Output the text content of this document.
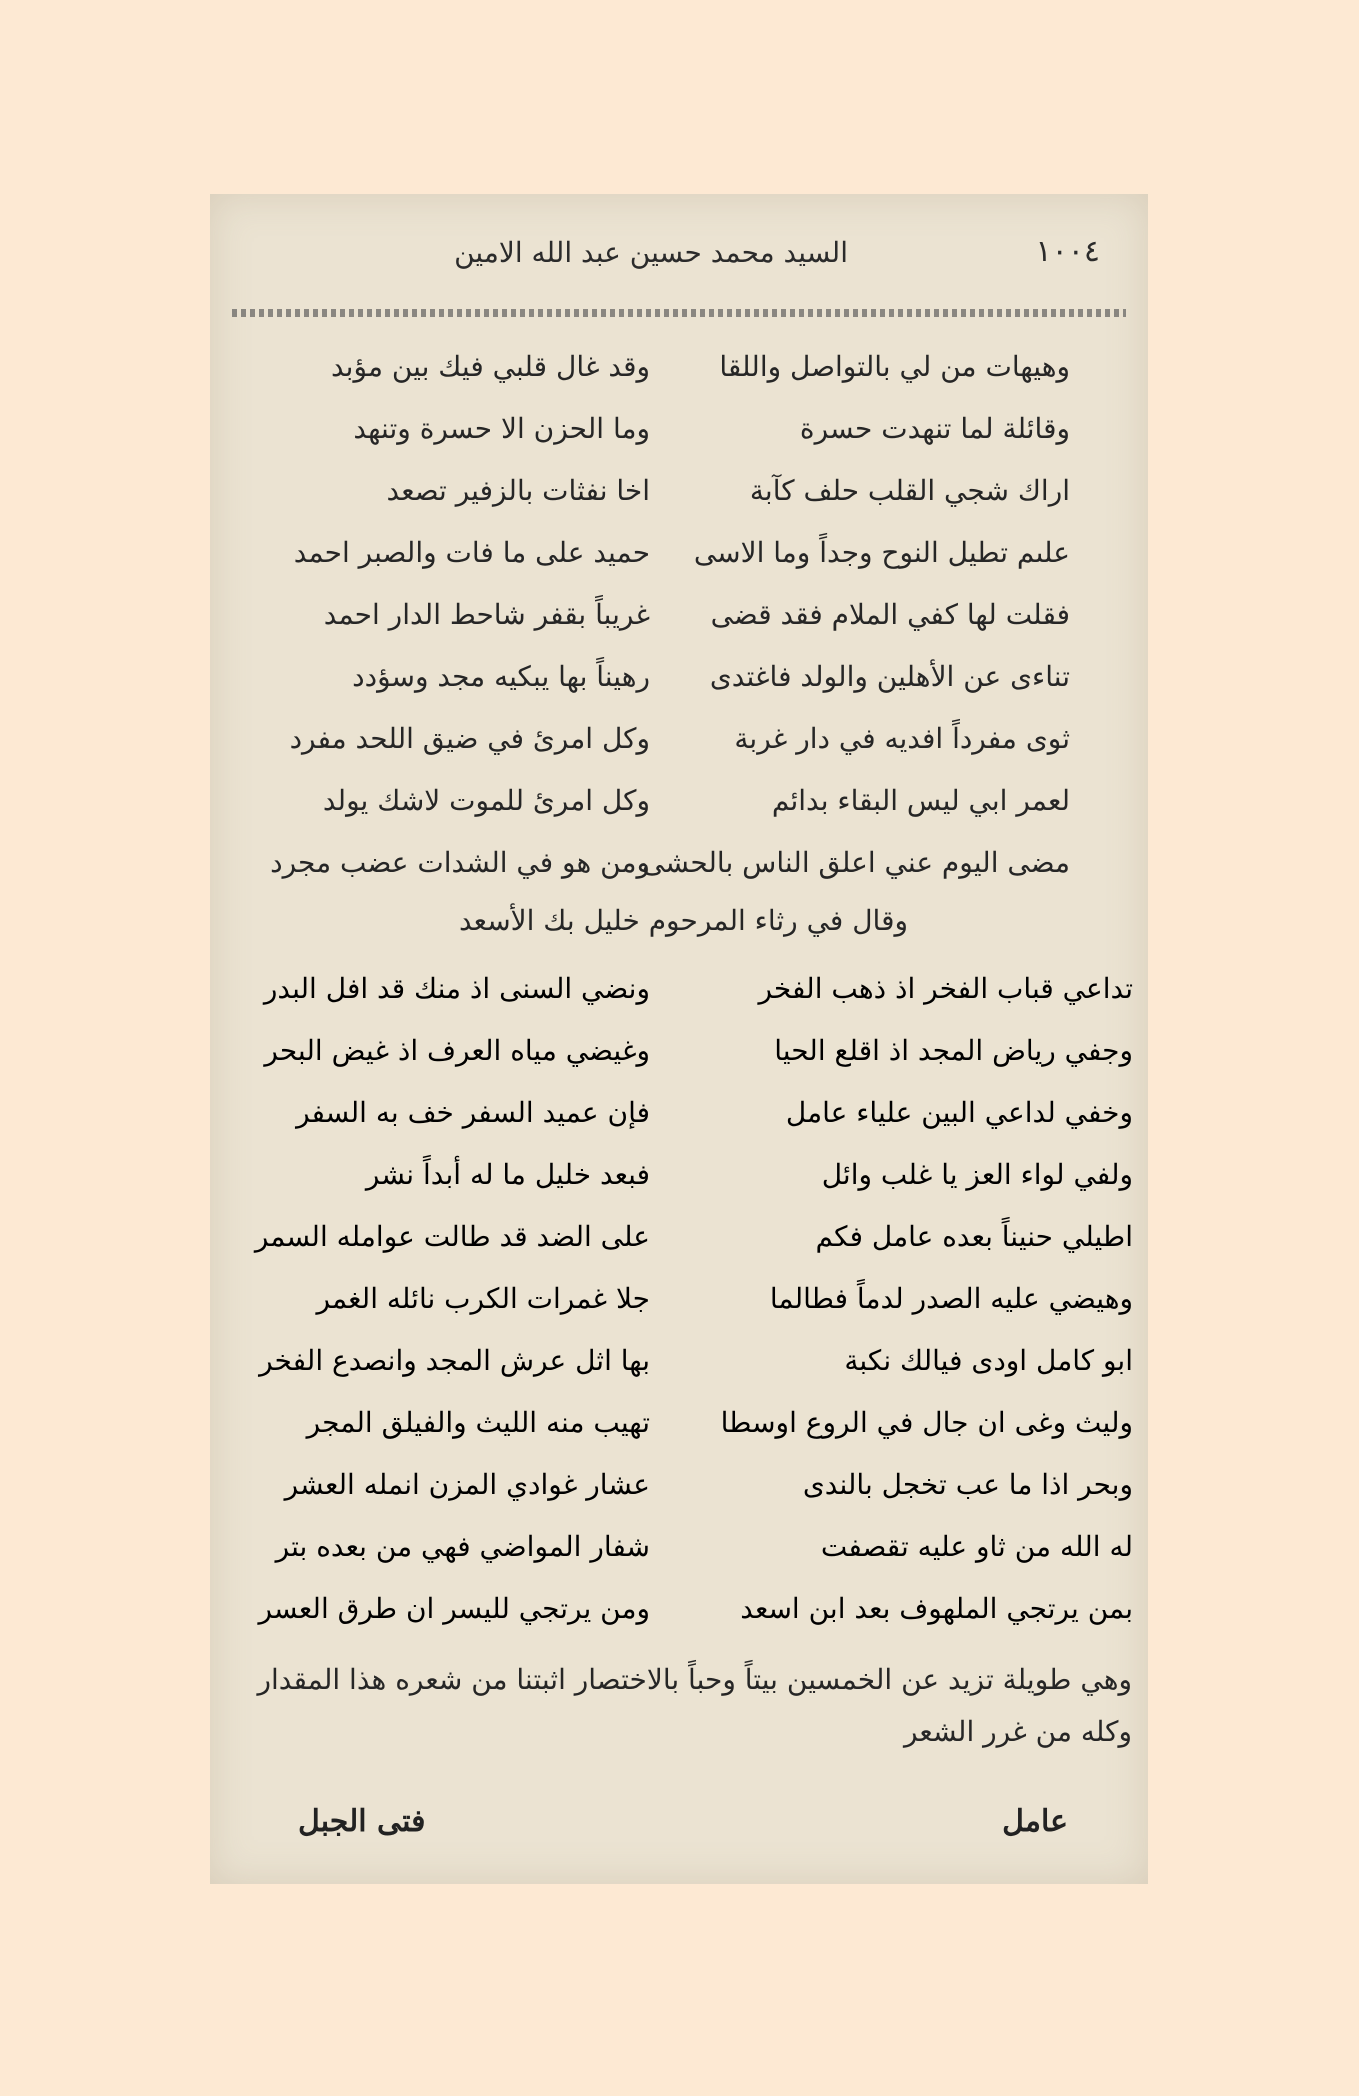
١٠٠٤
السيد محمد حسين عبد الله الامين
وهيهات من لي بالتواصل واللقا
وقد غال قلبي فيك بين مؤبد
وقائلة لما تنهدت حسرة
وما الحزن الا حسرة وتنهد
اراك شجي القلب حلف كآبة
اخا نفثات بالزفير تصعد
علىم تطيل النوح وجداً وما الاسى
حميد على ما فات والصبر احمد
فقلت لها كفي الملام فقد قضى
غريباً بقفر شاحط الدار احمد
تناءى عن الأهلين والولد فاغتدى
رهيناً بها يبكيه مجد وسؤدد
ثوى مفرداً افديه في دار غربة
وكل امرئ في ضيق اللحد مفرد
لعمر ابي ليس البقاء بدائم
وكل امرئ للموت لاشك يولد
مضى اليوم عني اعلق الناس بالحشى
ومن هو في الشدات عضب مجرد
وقال في رثاء المرحوم خليل بك الأسعد
تداعي قباب الفخر اذ ذهب الفخر
ونضي السنى اذ منك قد افل البدر
وجفي رياض المجد اذ اقلع الحيا
وغيضي مياه العرف اذ غيض البحر
وخفي لداعي البين علياء عامل
فإن عميد السفر خف به السفر
ولفي لواء العز يا غلب وائل
فبعد خليل ما له أبداً نشر
اطيلي حنيناً بعده عامل فكم
على الضد قد طالت عوامله السمر
وهيضي عليه الصدر لدماً فطالما
جلا غمرات الكرب نائله الغمر
ابو كامل اودى فيالك نكبة
بها اثل عرش المجد وانصدع الفخر
وليث وغى ان جال في الروع اوسطا
تهيب منه الليث والفيلق المجر
وبحر اذا ما عب تخجل بالندى
عشار غوادي المزن انمله العشر
له الله من ثاو عليه تقصفت
شفار المواضي فهي من بعده بتر
بمن يرتجي الملهوف بعد ابن اسعد
ومن يرتجي لليسر ان طرق العسر
وهي طويلة تزيد عن الخمسين بيتاً وحباً بالاختصار اثبتنا من شعره هذا المقدار وكله من غرر الشعر
عامل
فتى الجبل
